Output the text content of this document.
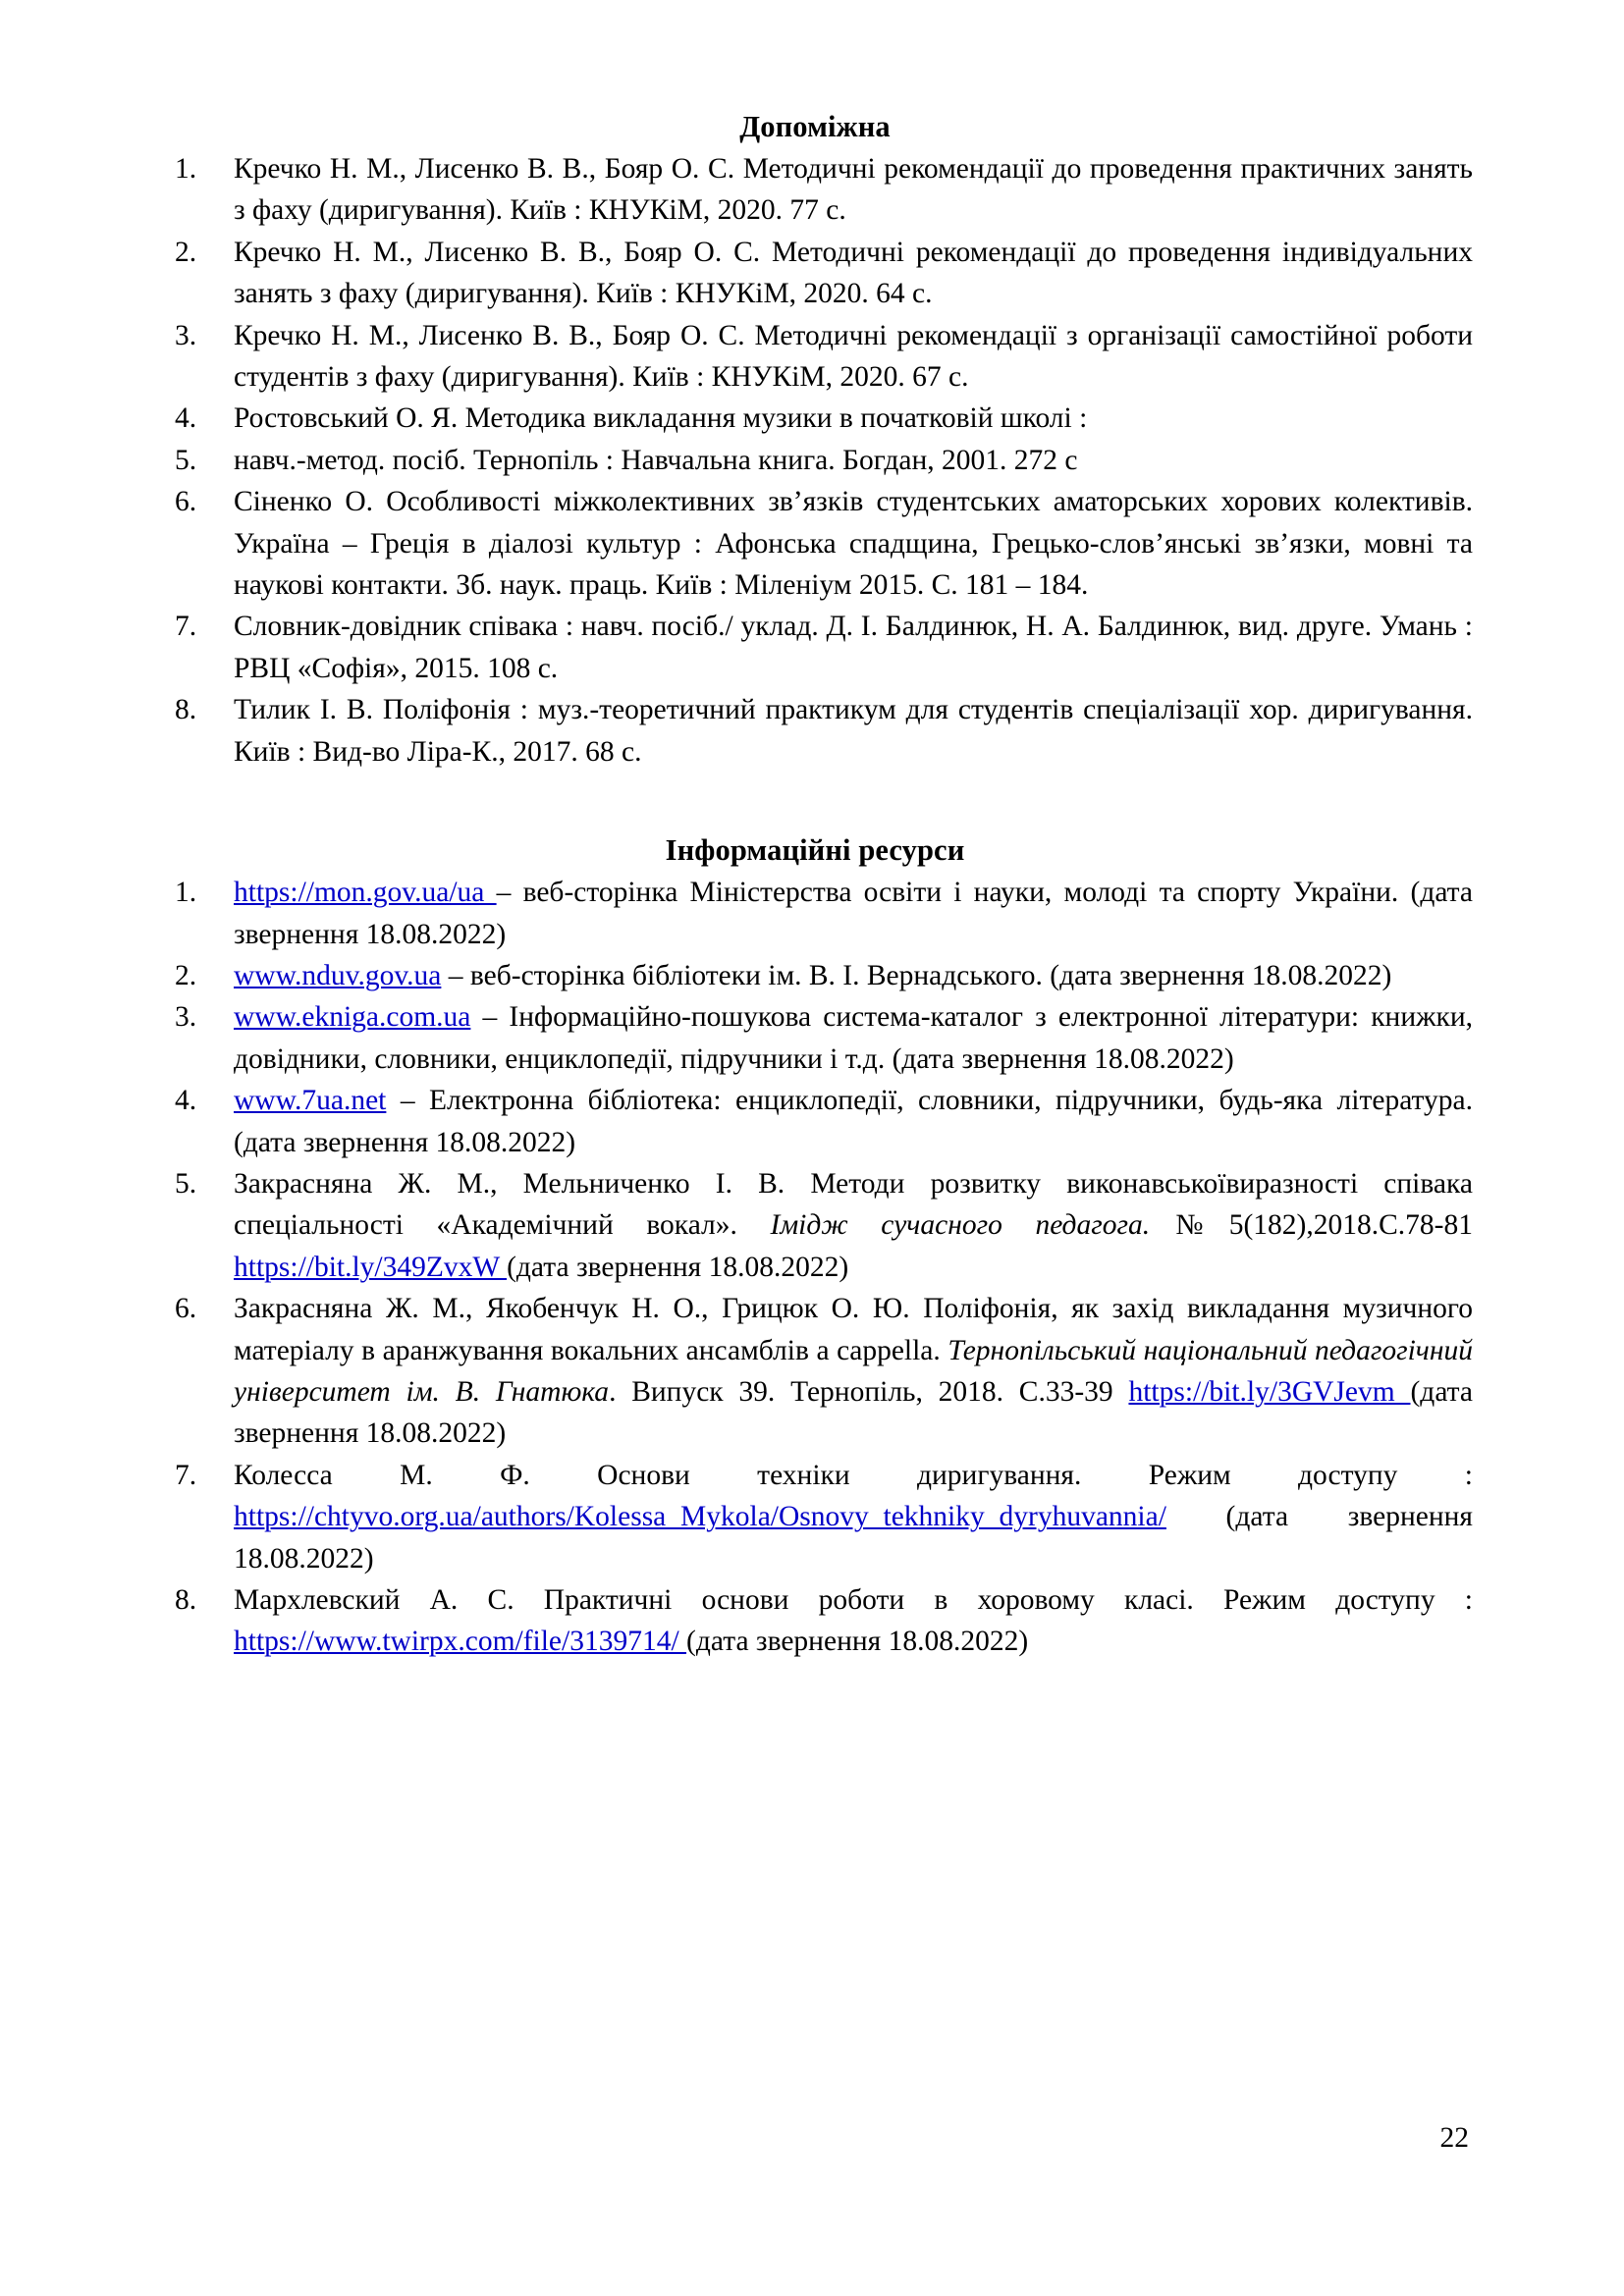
Допоміжна
Кречко Н. М., Лисенко В. В., Бояр О. С. Методичні рекомендації до проведення практичних занять з фаху (диригування). Київ : КНУКіМ, 2020. 77 с.
Кречко Н. М., Лисенко В. В., Бояр О. С. Методичні рекомендації до проведення індивідуальних занять з фаху (диригування). Київ : КНУКіМ, 2020. 64 с.
Кречко Н. М., Лисенко В. В., Бояр О. С. Методичні рекомендації з організації самостійної роботи студентів з фаху (диригування). Київ : КНУКіМ, 2020. 67 с.
Ростовський О. Я. Методика викладання музики в початковій школі :
навч.-метод. посіб. Тернопіль : Навчальна книга. Богдан, 2001. 272 с
Сіненко О. Особливості міжколективних зв’язків студентських аматорських хорових колективів. Україна – Греція в діалозі культур : Афонська спадщина, Грецько-слов’янські зв’язки, мовні та наукові контакти. Зб. наук. праць. Київ : Міленіум 2015. С. 181 – 184.
Словник-довідник співака : навч. посіб./ уклад. Д. І. Балдинюк, Н. А. Балдинюк, вид. друге. Умань : РВЦ «Софія», 2015. 108 с.
Тилик І. В. Поліфонія : муз.-теоретичний практикум для студентів спеціалізації хор. диригування. Київ : Вид-во Ліра-К., 2017. 68 с.
Інформаційні ресурси
https://mon.gov.ua/ua – веб-сторінка Міністерства освіти і науки, молоді та спорту України. (дата звернення 18.08.2022)
www.nduv.gov.ua – веб-сторінка бібліотеки ім. В. І. Вернадського. (дата звернення 18.08.2022)
www.ekniga.com.ua – Інформаційно-пошукова система-каталог з електронної літератури: книжки, довідники, словники, енциклопедії, підручники і т.д. (дата звернення 18.08.2022)
www.7ua.net – Електронна бібліотека: енциклопедії, словники, підручники, будь-яка література. (дата звернення 18.08.2022)
Закрасняна Ж. М., Мельниченко І. В. Методи розвитку виконавськоївиразності співака спеціальності «Академічний вокал». Імідж сучасного педагога.№5(182),2018.С.78-81 https://bit.ly/349ZvxW (дата звернення 18.08.2022)
Закрасняна Ж. М., Якобенчук Н. О., Грицюк О. Ю. Поліфонія, як захід викладання музичного матеріалу в аранжування вокальних ансамблів а cappella. Тернопільський національний педагогічний університет ім. В. Гнатюка. Випуск 39. Тернопіль, 2018. С.33-39 https://bit.ly/3GVJevm (дата звернення 18.08.2022)
Колесса М. Ф. Основи техніки диригування. Режим доступу : https://chtyvo.org.ua/authors/Kolessa_Mykola/Osnovy_tekhniky_dyryhuvannia/ (дата звернення 18.08.2022)
Мархлевский А. С. Практичні основи роботи в хоровому класі. Режим доступу : https://www.twirpx.com/file/3139714/ (дата звернення 18.08.2022)
22
